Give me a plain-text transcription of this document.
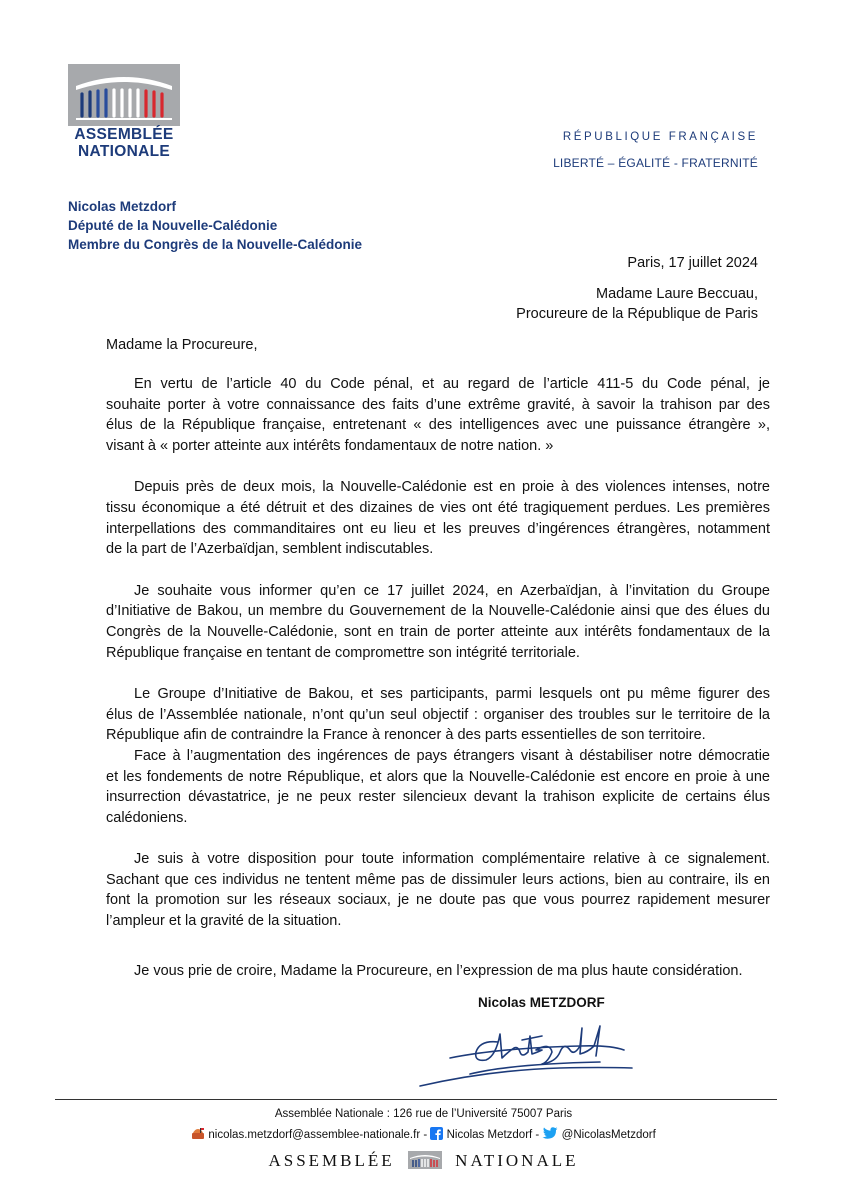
ASSEMBLÉE
NATIONALE
RÉPUBLIQUE FRANÇAISE
LIBERTÉ – ÉGALITÉ - FRATERNITÉ
Nicolas Metzdorf
Député de la Nouvelle-Calédonie
Membre du Congrès de la Nouvelle-Calédonie
Paris, 17 juillet 2024
Madame Laure Beccuau,
Procureure de la République de Paris
Madame la Procureure,

En vertu de l’article 40 du Code pénal, et au regard de l’article 411-5 du Code pénal, je
souhaite porter à votre connaissance des faits d’une extrême gravité, à savoir la trahison par des
élus de la République française, entretenant « des intelligences avec une puissance étrangère »,
visant à « porter atteinte aux intérêts fondamentaux de notre nation. »

Depuis près de deux mois, la Nouvelle-Calédonie est en proie à des violences intenses, notre
tissu économique a été détruit et des dizaines de vies ont été tragiquement perdues. Les premières
interpellations des commanditaires ont eu lieu et les preuves d’ingérences étrangères, notamment
de la part de l’Azerbaïdjan, semblent indiscutables.

Je souhaite vous informer qu’en ce 17 juillet 2024, en Azerbaïdjan, à l’invitation du Groupe
d’Initiative de Bakou, un membre du Gouvernement de la Nouvelle-Calédonie ainsi que des élues du
Congrès de la Nouvelle-Calédonie, sont en train de porter atteinte aux intérêts fondamentaux de la
République française en tentant de compromettre son intégrité territoriale.

Le Groupe d’Initiative de Bakou, et ses participants, parmi lesquels ont pu même figurer des
élus de l’Assemblée nationale, n’ont qu’un seul objectif : organiser des troubles sur le territoire de la
République afin de contraindre la France à renoncer à des parts essentielles de son territoire.

Face à l’augmentation des ingérences de pays étrangers visant à déstabiliser notre démocratie
et les fondements de notre République, et alors que la Nouvelle-Calédonie est encore en proie à une
insurrection dévastatrice, je ne peux rester silencieux devant la trahison explicite de certains élus
calédoniens.

Je suis à votre disposition pour toute information complémentaire relative à ce signalement.
Sachant que ces individus ne tentent même pas de dissimuler leurs actions, bien au contraire, ils en
font la promotion sur les réseaux sociaux, je ne doute pas que vous pourrez rapidement mesurer
l’ampleur et la gravité de la situation.

Je vous prie de croire, Madame la Procureure, en l’expression de ma plus haute considération.
Nicolas METZDORF
Assemblée Nationale : 126 rue de l’Université 75007 Paris
nicolas.metzdorf@assemblee-nationale.fr -  Nicolas Metzdorf -  @NicolasMetzdorf
ASSEMBLÉE	NATIONALE
